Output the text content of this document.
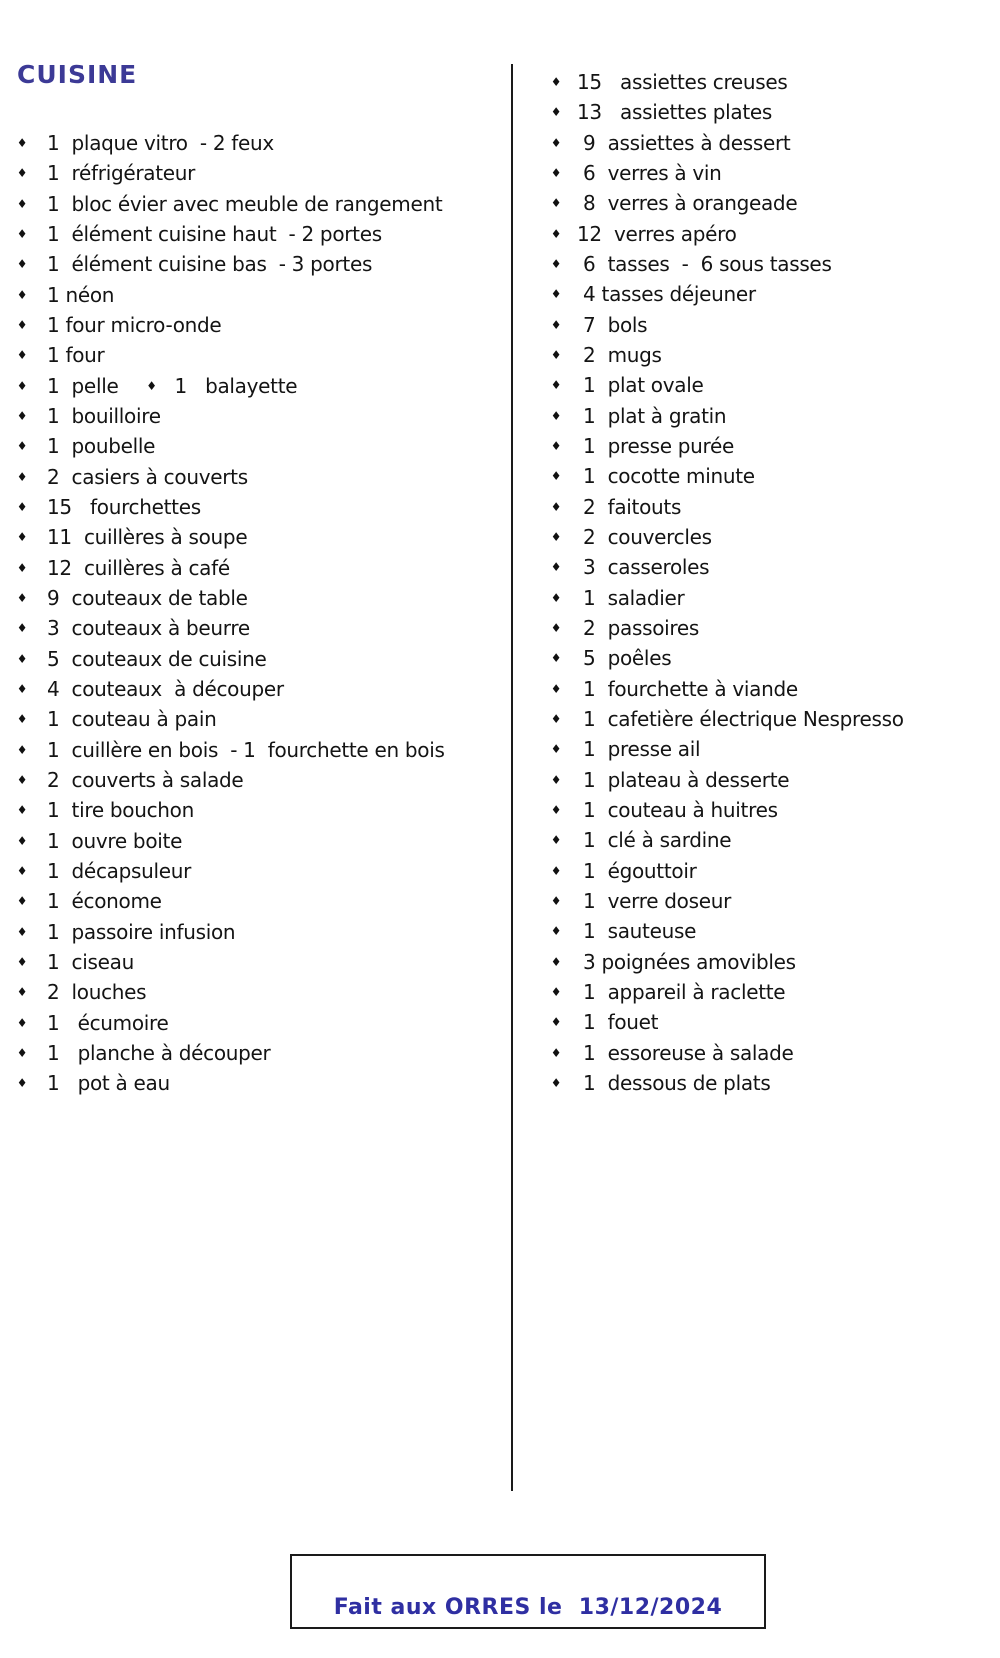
CUISINE
♦ 1  plaque vitro  - 2 feux
♦ 1  réfrigérateur
♦ 1  bloc évier avec meuble de rangement
♦ 1  élément cuisine haut  - 2 portes
♦ 1  élément cuisine bas  - 3 portes
♦ 1 néon
♦ 1 four micro-onde
♦ 1 four
♦ 1  pelle ♦ 1   balayette
♦ 1  bouilloire
♦ 1  poubelle
♦ 2  casiers à couverts
♦ 15   fourchettes
♦ 11  cuillères à soupe
♦ 12  cuillères à café
♦ 9  couteaux de table
♦ 3  couteaux à beurre
♦ 5  couteaux de cuisine
♦ 4  couteaux  à découper
♦ 1  couteau à pain
♦ 1  cuillère en bois  - 1  fourchette en bois
♦ 2  couverts à salade
♦ 1  tire bouchon
♦ 1  ouvre boite
♦ 1  décapsuleur
♦ 1  économe
♦ 1  passoire infusion
♦ 1  ciseau
♦ 2  louches
♦ 1   écumoire
♦ 1   planche à découper
♦ 1   pot à eau
♦ 15   assiettes creuses
♦ 13   assiettes plates
♦ 9  assiettes à dessert
♦ 6  verres à vin
♦ 8  verres à orangeade
♦ 12  verres apéro
♦ 6  tasses  -  6 sous tasses
♦ 4 tasses déjeuner
♦ 7  bols
♦ 2  mugs
♦ 1  plat ovale
♦ 1  plat à gratin
♦ 1  presse purée
♦ 1  cocotte minute
♦ 2  faitouts
♦ 2  couvercles
♦ 3  casseroles
♦ 1  saladier
♦ 2  passoires
♦ 5  poêles
♦ 1  fourchette à viande
♦ 1  cafetière électrique Nespresso
♦ 1  presse ail
♦ 1  plateau à desserte
♦ 1  couteau à huitres
♦ 1  clé à sardine
♦ 1  égouttoir
♦ 1  verre doseur
♦ 1  sauteuse
♦ 3 poignées amovibles
♦ 1  appareil à raclette
♦ 1  fouet
♦ 1  essoreuse à salade
♦ 1  dessous de plats
Fait aux ORRES le  13/12/2024
